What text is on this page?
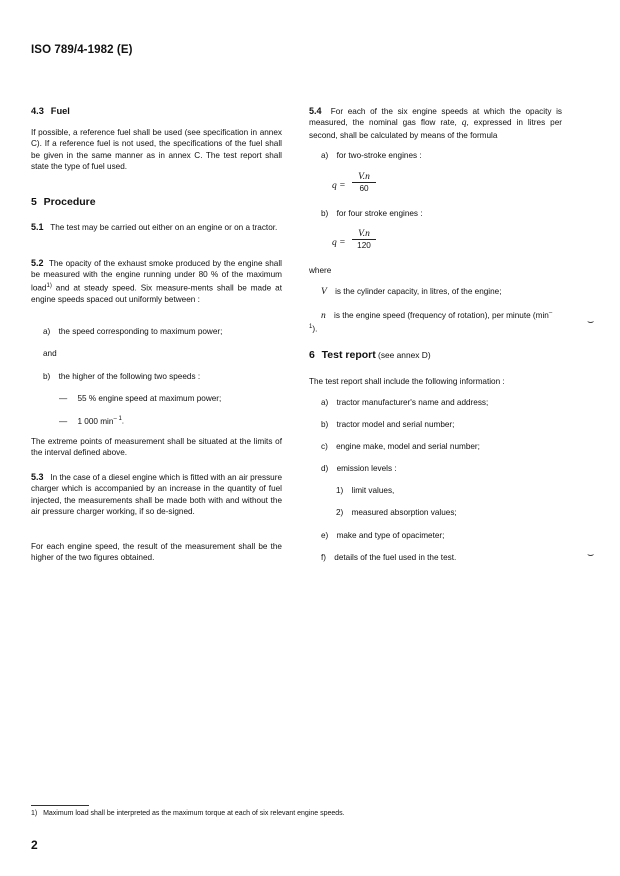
ISO 789/4-1982 (E)
4.3 Fuel
If possible, a reference fuel shall be used (see specification in annex C). If a reference fuel is not used, the specifications of the fuel shall be given in the same manner as in annex C. The test report shall state the type of fuel used.
5 Procedure
5.1 The test may be carried out either on an engine or on a tractor.
5.2 The opacity of the exhaust smoke produced by the engine shall be measured with the engine running under 80 % of the maximum load$^{1)}$ and at steady speed. Six measure-ments shall be made at engine speeds spaced out uniformly between :
a) the speed corresponding to maximum power;
and
b) the higher of the following two speeds :
— 55 % engine speed at maximum power;
— 1 000 $\min^{- 1}$.
The extreme points of measurement shall be situated at the limits of the interval defined above.
5.3 In the case of a diesel engine which is fitted with an air pressure charger which is accompanied by an increase in the quantity of fuel injected, the measurements shall be made both with and without the air pressure charger working, if so de-signed.
For each engine speed, the result of the measurement shall be the higher of the two figures obtained.
5.4 For each of the six engine speeds at which the opacity is measured, the nominal gas flow rate, q, expressed in litres per second, shall be calculated by means of the formula
a) for two-stroke engines :
$q = \frac{V.n}{60}$
b) for four stroke engines :
$q = \frac{V.n}{120}$
where
V is the cylinder capacity, in litres, of the engine;
n is the engine speed (frequency of rotation), per minute $(\min^{- 1})$.
⌣
6 Test report (see annex D)
The test report shall include the following information :
a) tractor manufacturer's name and address;
b) tractor model and serial number;
c) engine make, model and serial number;
d) emission levels :
1) limit values,
2) measured absorption values;
e) make and type of opacimeter;
f) details of the fuel used in the test.	⌣
1) Maximum load shall be interpreted as the maximum torque at each of six relevant engine speeds.
2
